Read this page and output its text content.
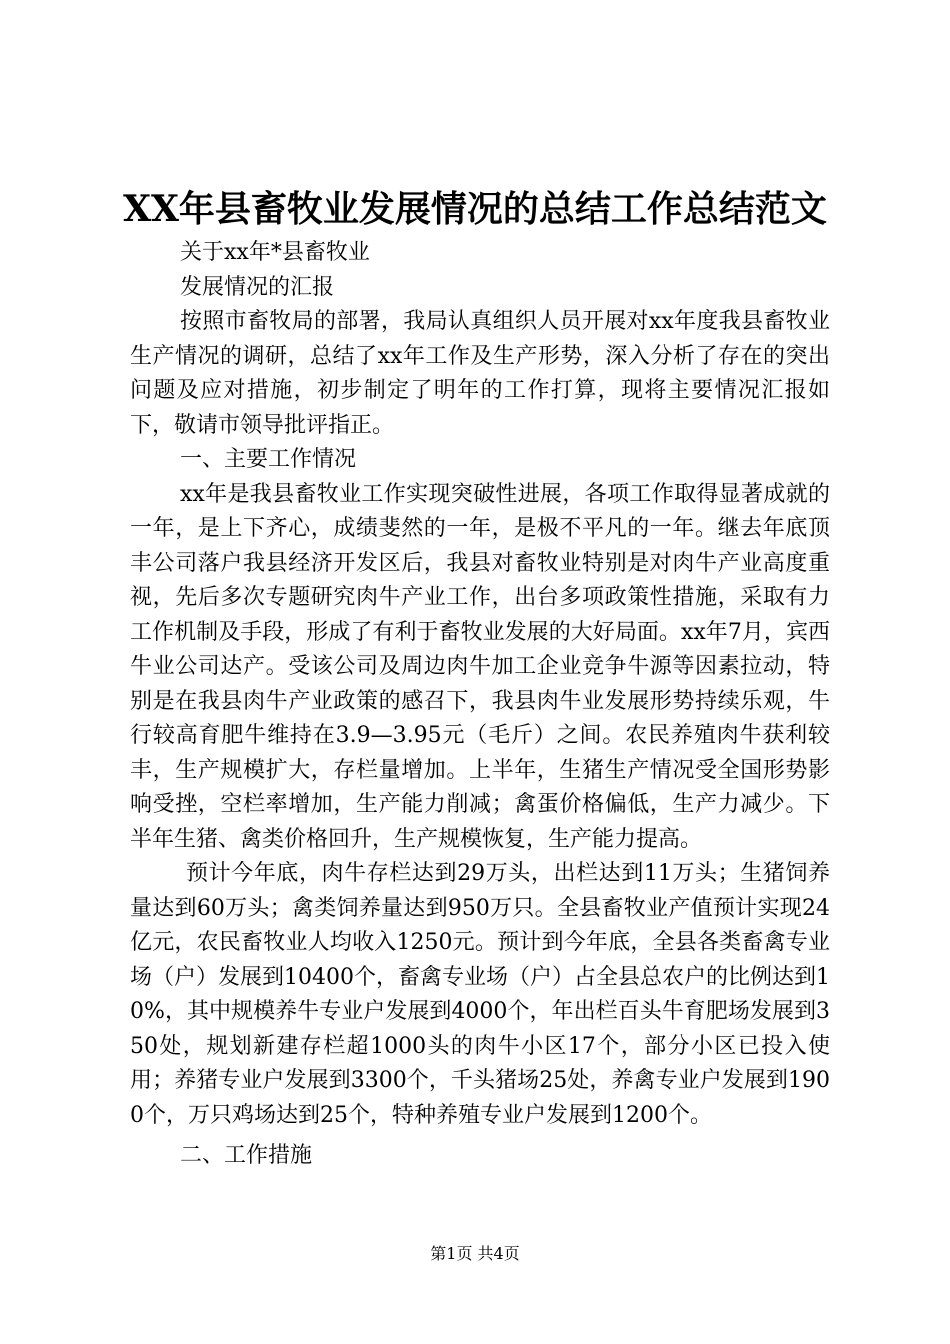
XX年县畜牧业发展情况的总结工作总结范文

关于xx年*县畜牧业

发展情况的汇报

按照市畜牧局的部署，我局认真组织人员开展对xx年度我县畜牧业生产情况的调研，总结了xx年工作及生产形势，深入分析了存在的突出问题及应对措施，初步制定了明年的工作打算，现将主要情况汇报如下，敬请市领导批评指正。

一、主要工作情况

xx年是我县畜牧业工作实现突破性进展，各项工作取得显著成就的一年，是上下齐心，成绩斐然的一年，是极不平凡的一年。继去年底顶丰公司落户我县经济开发区后，我县对畜牧业特别是对肉牛产业高度重视，先后多次专题研究肉牛产业工作，出台多项政策性措施，采取有力工作机制及手段，形成了有利于畜牧业发展的大好局面。xx年7月，宾西牛业公司达产。受该公司及周边肉牛加工企业竞争牛源等因素拉动，特别是在我县肉牛产业政策的感召下，我县肉牛业发展形势持续乐观，牛行较高育肥牛维持在3.9—3.95元（毛斤）之间。农民养殖肉牛获利较丰，生产规模扩大，存栏量增加。上半年，生猪生产情况受全国形势影响受挫，空栏率增加，生产能力削减；禽蛋价格偏低，生产力减少。下半年生猪、禽类价格回升，生产规模恢复，生产能力提高。

预计今年底，肉牛存栏达到29万头，出栏达到11万头；生猪饲养量达到60万头；禽类饲养量达到950万只。全县畜牧业产值预计实现24亿元，农民畜牧业人均收入1250元。预计到今年底，全县各类畜禽专业场（户）发展到10400个，畜禽专业场（户）占全县总农户的比例达到10%，其中规模养牛专业户发展到4000个，年出栏百头牛育肥场发展到350处，规划新建存栏超1000头的肉牛小区17个，部分小区已投入使用；养猪专业户发展到3300个，千头猪场25处，养禽专业户发展到1900个，万只鸡场达到25个，特种养殖专业户发展到1200个。

二、工作措施

第1页 共4页
